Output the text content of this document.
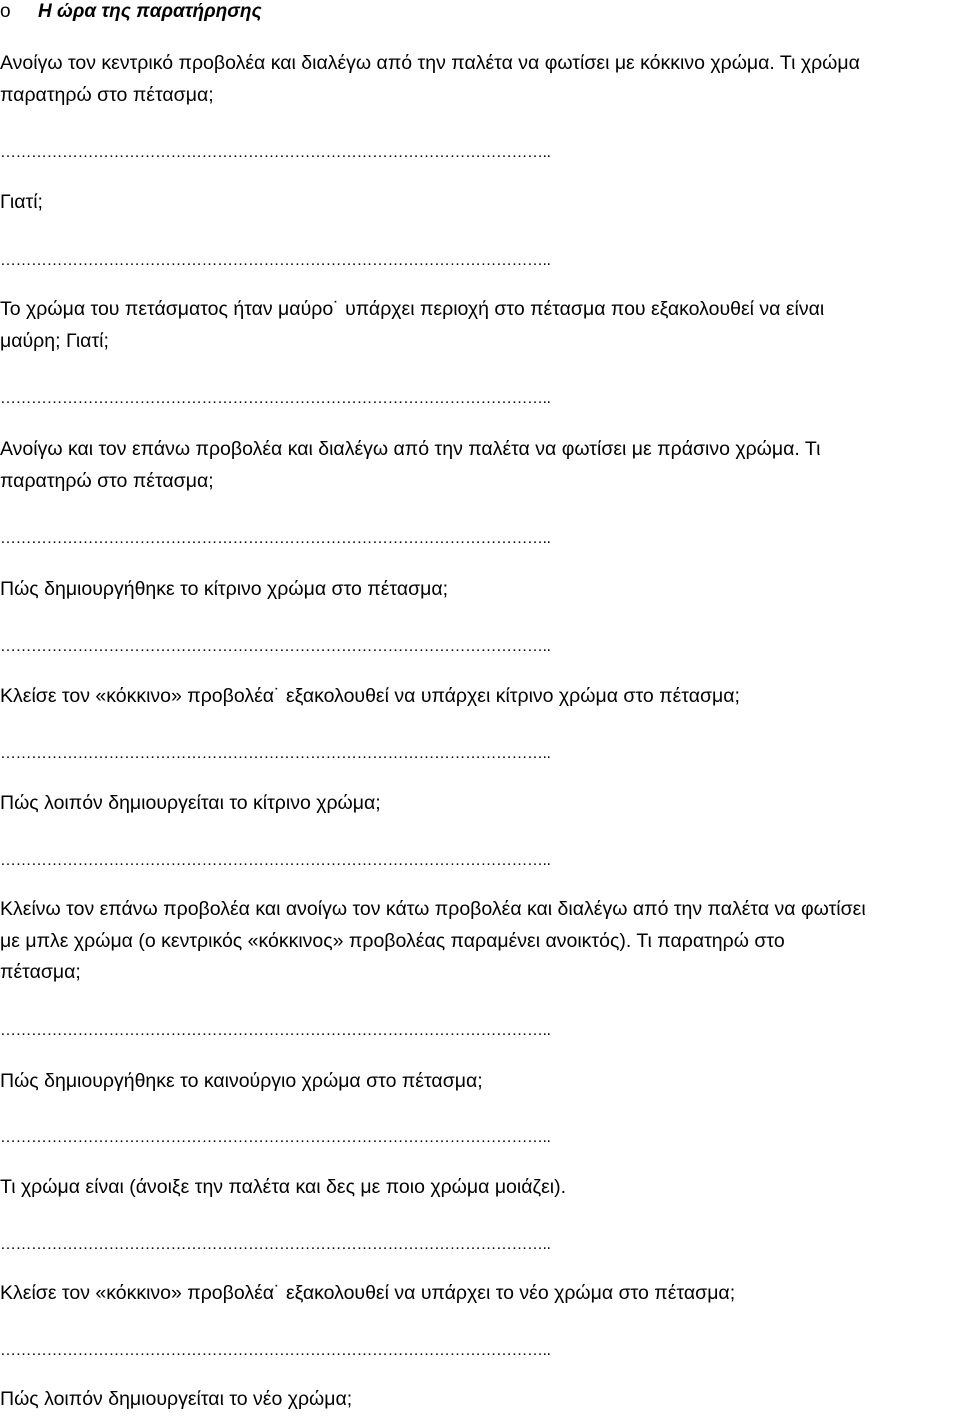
o Η ώρα της παρατήρησης
Ανοίγω τον κεντρικό προβολέα και διαλέγω από την παλέτα να φωτίσει με κόκκινο χρώμα. Τι χρώμα
παρατηρώ στο πέτασμα;
……………………………………………………………………………………………..
Γιατί;
……………………………………………………………………………………………..
Το χρώμα του πετάσματος ήταν μαύρο˙ υπάρχει περιοχή στο πέτασμα που εξακολουθεί να είναι
μαύρη; Γιατί;
……………………………………………………………………………………………..
Ανοίγω και τον επάνω προβολέα και διαλέγω από την παλέτα να φωτίσει με πράσινο χρώμα. Τι
παρατηρώ στο πέτασμα;
……………………………………………………………………………………………..
Πώς δημιουργήθηκε το κίτρινο χρώμα στο πέτασμα;
……………………………………………………………………………………………..
Κλείσε τον «κόκκινο» προβολέα˙ εξακολουθεί να υπάρχει κίτρινο χρώμα στο πέτασμα;
……………………………………………………………………………………………..
Πώς λοιπόν δημιουργείται το κίτρινο χρώμα;
……………………………………………………………………………………………..
Κλείνω τον επάνω προβολέα και ανοίγω τον κάτω προβολέα και διαλέγω από την παλέτα να φωτίσει
με μπλε χρώμα (ο κεντρικός «κόκκινος» προβολέας παραμένει ανοικτός). Τι παρατηρώ στο
πέτασμα;
……………………………………………………………………………………………..
Πώς δημιουργήθηκε το καινούργιο χρώμα στο πέτασμα;
……………………………………………………………………………………………..
Τι χρώμα είναι (άνοιξε την παλέτα και δες με ποιο χρώμα μοιάζει).
……………………………………………………………………………………………..
Κλείσε τον «κόκκινο» προβολέα˙ εξακολουθεί να υπάρχει το νέο χρώμα στο πέτασμα;
……………………………………………………………………………………………..
Πώς λοιπόν δημιουργείται το νέο χρώμα;
